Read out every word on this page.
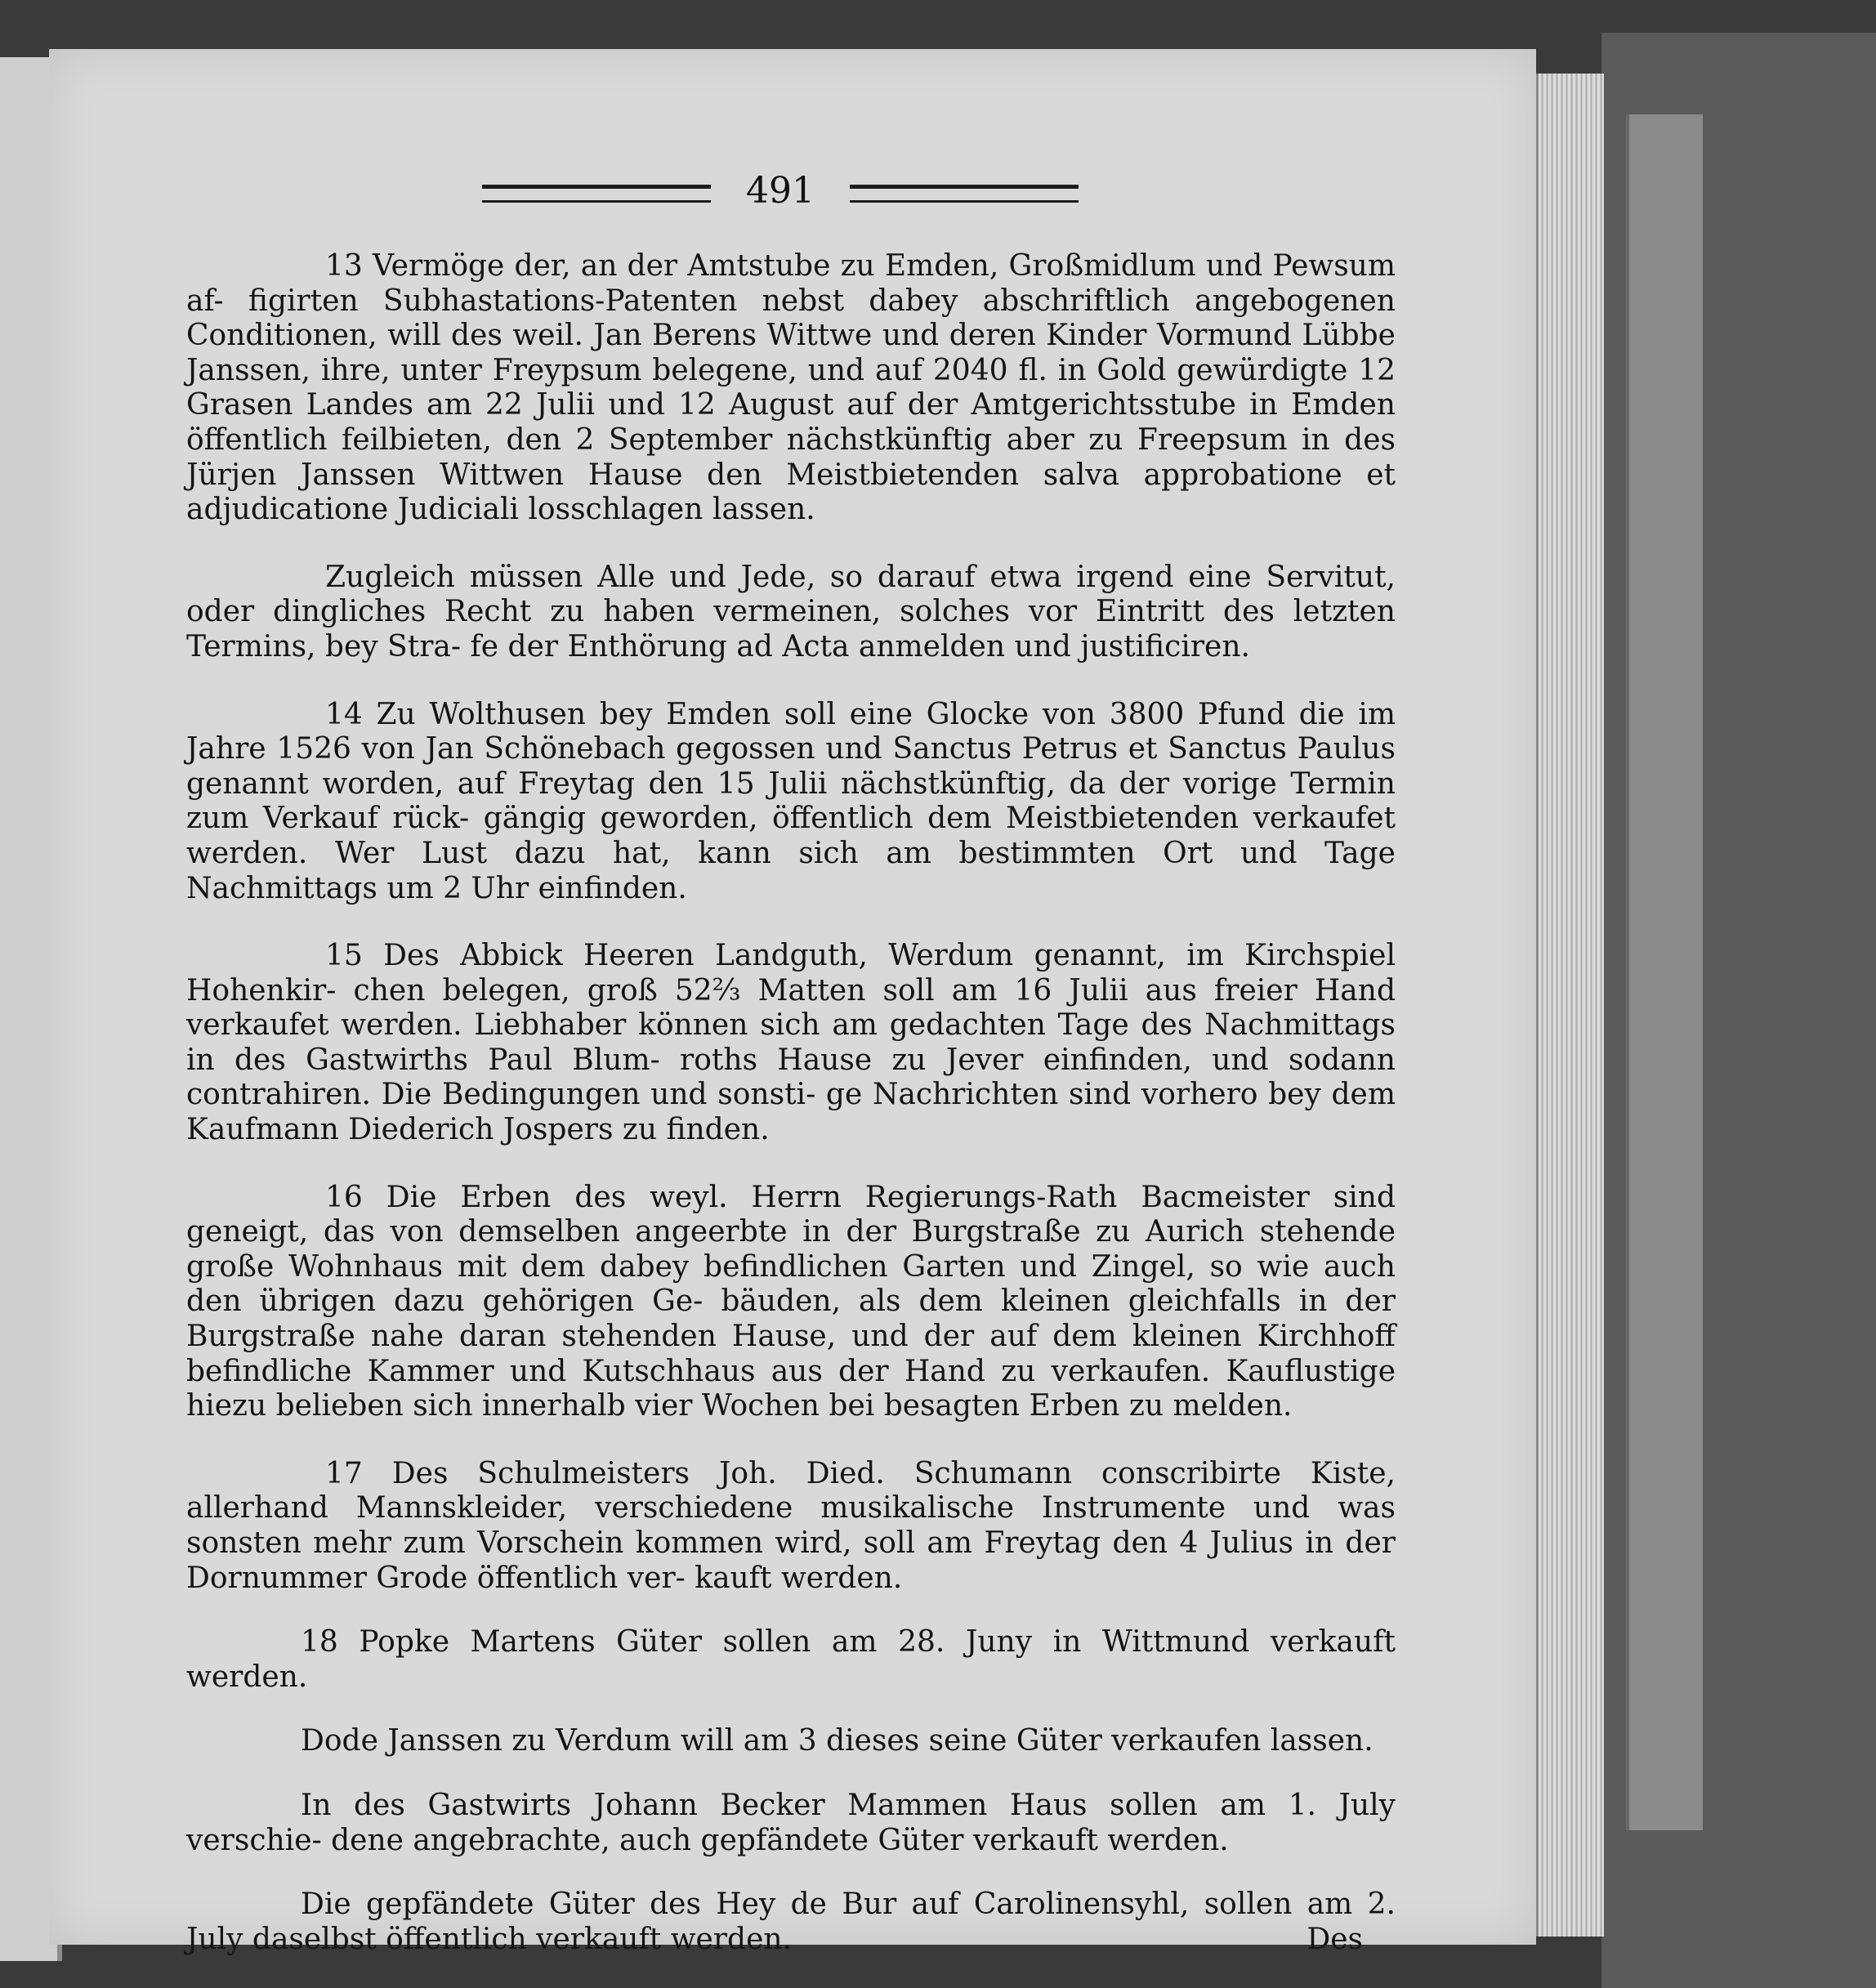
491

13 Vermöge der, an der Amtstube zu Emden, Großmidlum und Pewsum af- figirten Subhastations-Patenten nebst dabey abschriftlich angebogenen Conditionen, will des weil. Jan Berens Wittwe und deren Kinder Vormund Lübbe Janssen, ihre, unter Freypsum belegene, und auf 2040 fl. in Gold gewürdigte 12 Grasen Landes am 22 Julii und 12 August auf der Amtgerichtsstube in Emden öffentlich feilbieten, den 2 September nächstkünftig aber zu Freepsum in des Jürjen Janssen Wittwen Hause den Meistbietenden salva approbatione et adjudicatione Judiciali losschlagen lassen.

Zugleich müssen Alle und Jede, so darauf etwa irgend eine Servitut, oder dingliches Recht zu haben vermeinen, solches vor Eintritt des letzten Termins, bey Stra- fe der Enthörung ad Acta anmelden und justificiren.

14 Zu Wolthusen bey Emden soll eine Glocke von 3800 Pfund die im Jahre 1526 von Jan Schönebach gegossen und Sanctus Petrus et Sanctus Paulus genannt worden, auf Freytag den 15 Julii nächstkünftig, da der vorige Termin zum Verkauf rück- gängig geworden, öffentlich dem Meistbietenden verkaufet werden. Wer Lust dazu hat, kann sich am bestimmten Ort und Tage Nachmittags um 2 Uhr einfinden.

15 Des Abbick Heeren Landguth, Werdum genannt, im Kirchspiel Hohenkir- chen belegen, groß 52⅔ Matten soll am 16 Julii aus freier Hand verkaufet werden. Liebhaber können sich am gedachten Tage des Nachmittags in des Gastwirths Paul Blum- roths Hause zu Jever einfinden, und sodann contrahiren. Die Bedingungen und sonsti- ge Nachrichten sind vorhero bey dem Kaufmann Diederich Jospers zu finden.

16 Die Erben des weyl. Herrn Regierungs-Rath Bacmeister sind geneigt, das von demselben angeerbte in der Burgstraße zu Aurich stehende große Wohnhaus mit dem dabey befindlichen Garten und Zingel, so wie auch den übrigen dazu gehörigen Ge- bäuden, als dem kleinen gleichfalls in der Burgstraße nahe daran stehenden Hause, und der auf dem kleinen Kirchhoff befindliche Kammer und Kutschhaus aus der Hand zu verkaufen. Kauflustige hiezu belieben sich innerhalb vier Wochen bei besagten Erben zu melden.

17 Des Schulmeisters Joh. Died. Schumann conscribirte Kiste, allerhand Mannskleider, verschiedene musikalische Instrumente und was sonsten mehr zum Vorschein kommen wird, soll am Freytag den 4 Julius in der Dornummer Grode öffentlich ver- kauft werden.

18 Popke Martens Güter sollen am 28. Juny in Wittmund verkauft werden.

Dode Janssen zu Verdum will am 3 dieses seine Güter verkaufen lassen.

In des Gastwirts Johann Becker Mammen Haus sollen am 1. July verschie- dene angebrachte, auch gepfändete Güter verkauft werden.

Die gepfändete Güter des Hey de Bur auf Carolinensyhl, sollen am 2. July daselbst öffentlich verkauft werden.	Des
